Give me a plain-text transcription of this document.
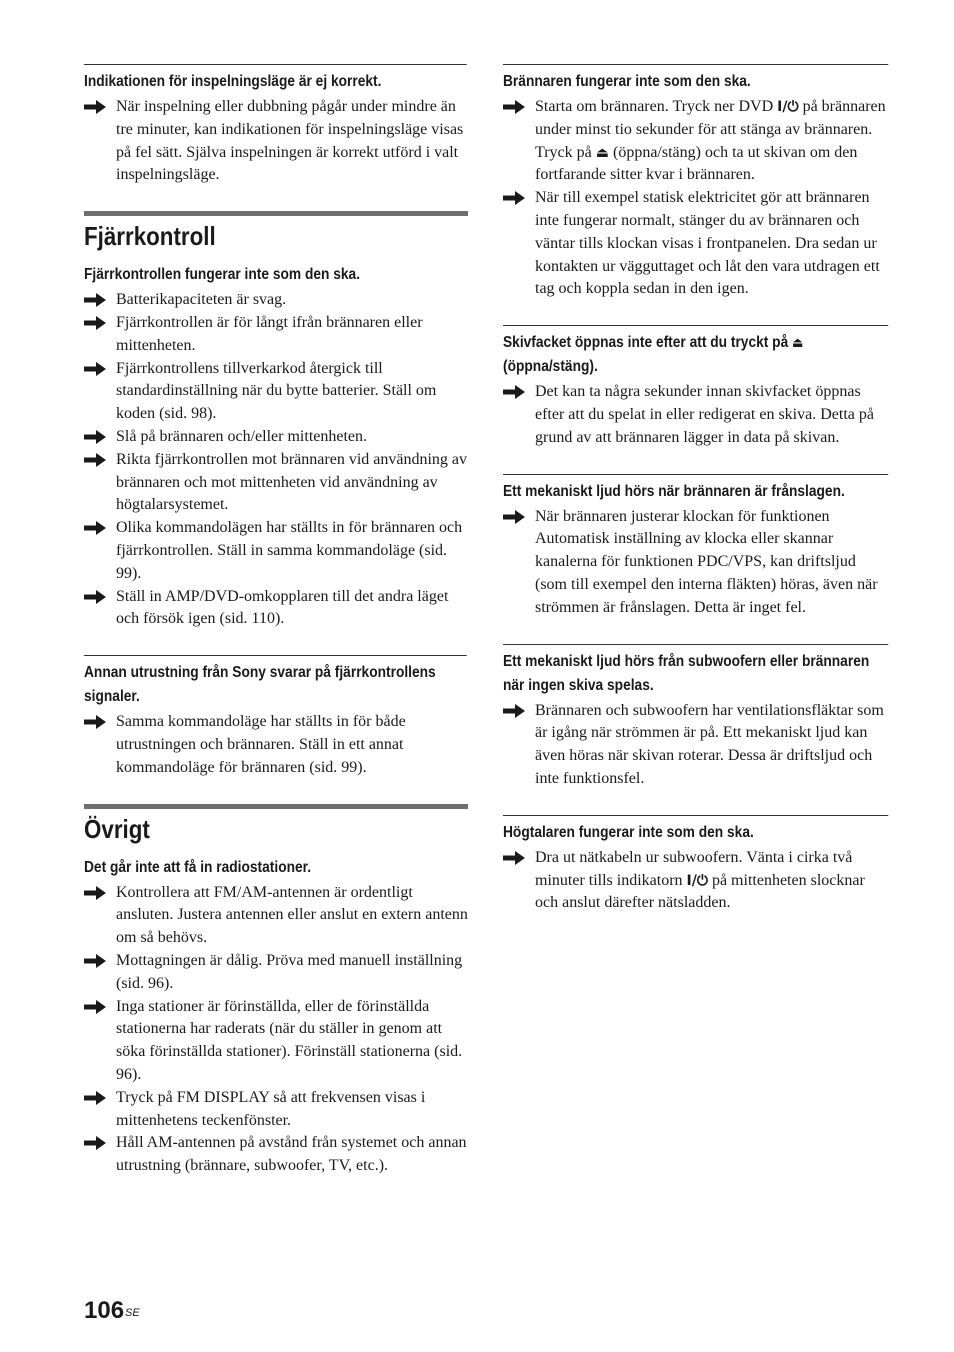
Indikationen för inspelningsläge är ej korrekt.
När inspelning eller dubbning pågår under mindre än tre minuter, kan indikationen för inspelningsläge visas på fel sätt. Själva inspelningen är korrekt utförd i valt inspelningsläge.
Fjärrkontroll
Fjärrkontrollen fungerar inte som den ska.
Batterikapaciteten är svag.
Fjärrkontrollen är för långt ifrån brännaren eller mittenheten.
Fjärrkontrollens tillverkarkod återgick till standardinställning när du bytte batterier. Ställ om koden (sid. 98).
Slå på brännaren och/eller mittenheten.
Rikta fjärrkontrollen mot brännaren vid användning av brännaren och mot mittenheten vid användning av högtalarsystemet.
Olika kommandolägen har ställts in för brännaren och fjärrkontrollen. Ställ in samma kommandoläge (sid. 99).
Ställ in AMP/DVD-omkopplaren till det andra läget och försök igen (sid. 110).
Annan utrustning från Sony svarar på fjärrkontrollens signaler.
Samma kommandoläge har ställts in för både utrustningen och brännaren. Ställ in ett annat kommandoläge för brännaren (sid. 99).
Övrigt
Det går inte att få in radiostationer.
Kontrollera att FM/AM-antennen är ordentligt ansluten. Justera antennen eller anslut en extern antenn om så behövs.
Mottagningen är dålig. Pröva med manuell inställning (sid. 96).
Inga stationer är förinställda, eller de förinställda stationerna har raderats (när du ställer in genom att söka förinställda stationer). Förinställ stationerna (sid. 96).
Tryck på FM DISPLAY så att frekvensen visas i mittenhetens teckenfönster.
Håll AM-antennen på avstånd från systemet och annan utrustning (brännare, subwoofer, TV, etc.).
Brännaren fungerar inte som den ska.
Starta om brännaren. Tryck ner DVD I/⏻ på brännaren under minst tio sekunder för att stänga av brännaren. Tryck på ⏏ (öppna/stäng) och ta ut skivan om den fortfarande sitter kvar i brännaren.
När till exempel statisk elektricitet gör att brännaren inte fungerar normalt, stänger du av brännaren och väntar tills klockan visas i frontpanelen. Dra sedan ur kontakten ur vägguttaget och låt den vara utdragen ett tag och koppla sedan in den igen.
Skivfacket öppnas inte efter att du tryckt på ⏏ (öppna/stäng).
Det kan ta några sekunder innan skivfacket öppnas efter att du spelat in eller redigerat en skiva. Detta på grund av att brännaren lägger in data på skivan.
Ett mekaniskt ljud hörs när brännaren är frånslagen.
När brännaren justerar klockan för funktionen Automatisk inställning av klocka eller skannar kanalerna för funktionen PDC/VPS, kan driftsljud (som till exempel den interna fläkten) höras, även när strömmen är frånslagen. Detta är inget fel.
Ett mekaniskt ljud hörs från subwoofern eller brännaren när ingen skiva spelas.
Brännaren och subwoofern har ventilationsfläktar som är igång när strömmen är på. Ett mekaniskt ljud kan även höras när skivan roterar. Dessa är driftsljud och inte funktionsfel.
Högtalaren fungerar inte som den ska.
Dra ut nätkabeln ur subwoofern. Vänta i cirka två minuter tills indikatorn I/⏻ på mittenheten slocknar och anslut därefter nätsladden.
$106^{SE}$
